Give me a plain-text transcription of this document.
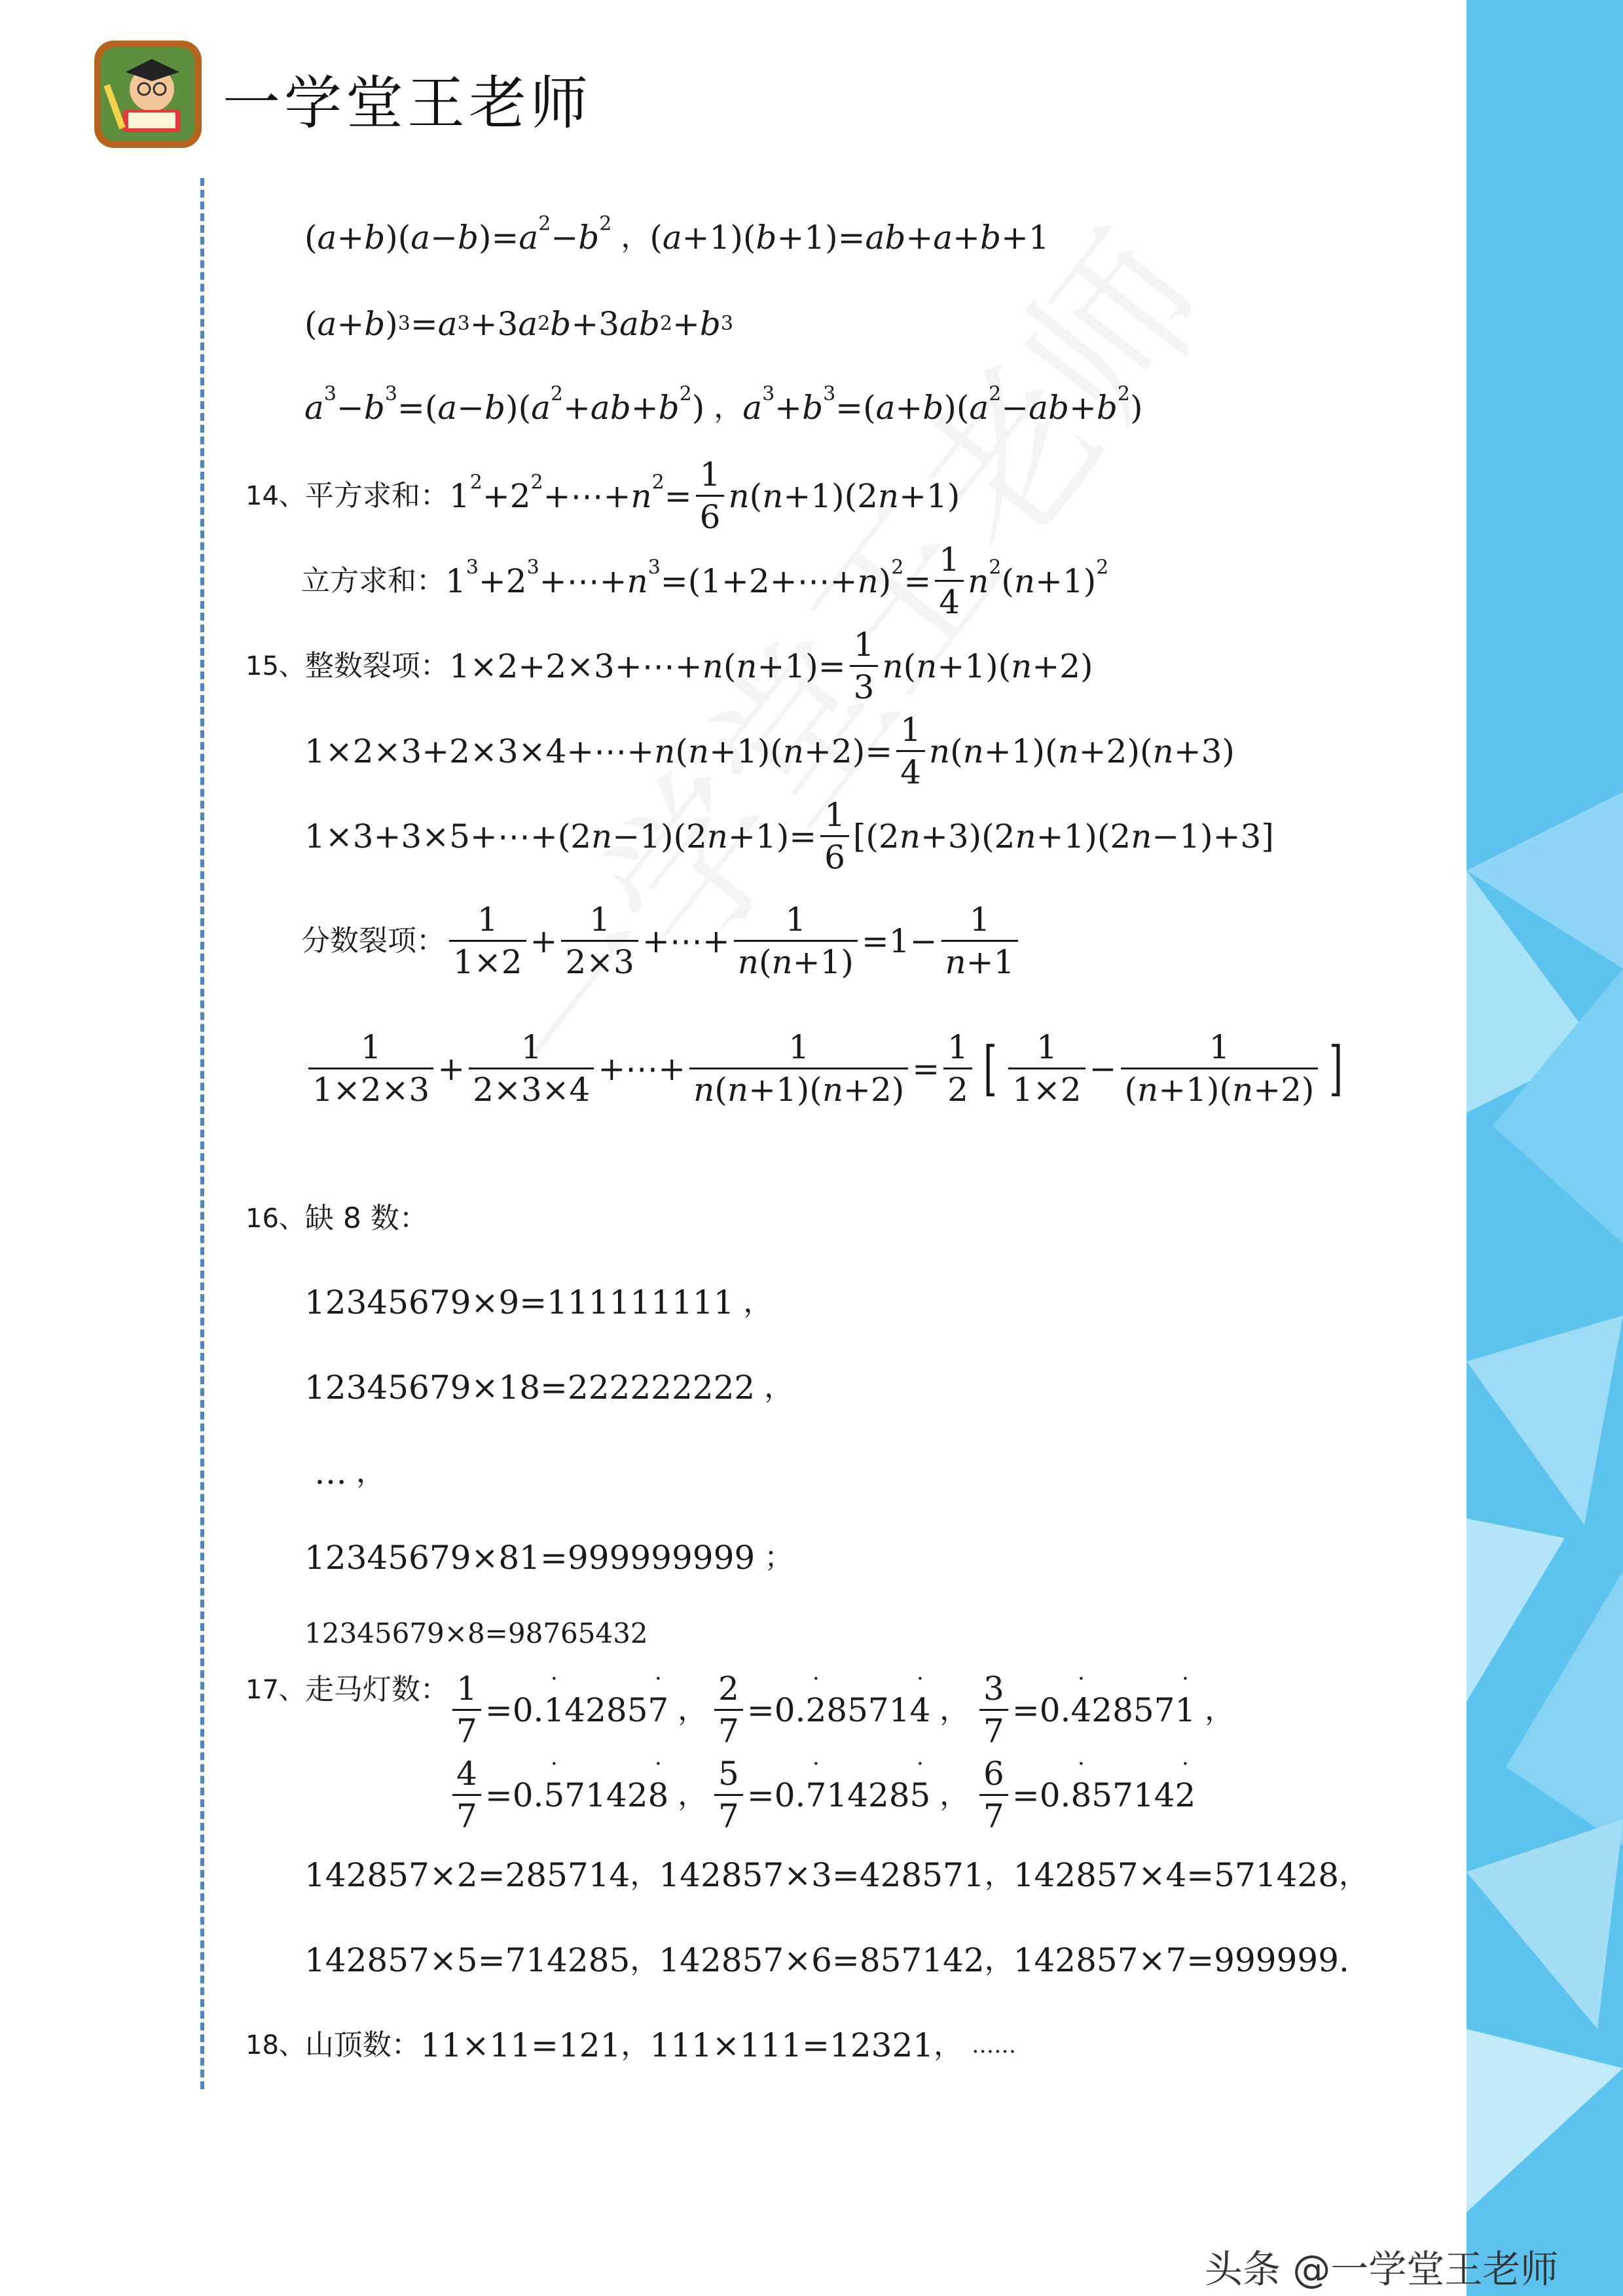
一学堂王老师
$(a+b)(a-b)=a^2-b^2$ ， (a+1)(b+1)=ab+a+b+1
( a + b ) 3 = a 3 +3 a 2 b +3 ab 2 + b 3
$a^3-b^3=(a-b)(a^2+ab+b^2)$ ， $a^3+b^3=(a+b)(a^2-ab+b^2)$
14、 平方求和： $1^2+2^2+\cdots+n^2= \frac{1}{6} n(n+1)(2n+1)$
立方求和： $1^3+2^3+\cdots+n^3=(1+2+\cdots+n)^2= \frac{1}{4} n^2(n+1)^2$
15、 整数裂项： 1×2+2×3+⋯+n(n+1)= $\frac{1}{3} n(n+1)(n+2)$
1×2×3+2×3×4+⋯+n(n+1)(n+2)= $\frac{1}{4} n(n+1)(n+2)(n+3)$
1×3+3×5+⋯+(2n−1)(2n+1)= $\frac{1}{6} [(2n+3)(2n+1)(2n-1)+3]$
分数裂项： $\frac{1}{1\times 2} + \frac{1}{2\times 3}$ +⋯+ $\frac{1}{n(n+1)} =1- \frac{1}{n+1}$
$\frac{1}{1\times 2\times 3} + \frac{1}{2\times 3\times 4}$ +⋯+ $\frac{1}{n(n+1)(n+2)} = \frac{1}{2}$ [ $\frac{1}{1\times 2} - \frac{1}{(n+1)(n+2)}$ ]
16、 缺 8 数：
12345679×9=111111111 ，
12345679×18=222222222 ，
… ，
12345679×81=999999999 ；
12345679×8=98765432
17、 走马灯数： $\frac{1}{7} = 0.\cdot 14285\cdot 7$ ， $\frac{2}{7} = 0.\cdot 28571\cdot 4$ ， $\frac{3}{7} = 0.\cdot 42857\cdot 1$ ，
$\frac{4}{7} = 0.\cdot 57142\cdot 8$ ， $\frac{5}{7} = 0.\cdot 71428\cdot 5$ ， $\frac{6}{7} = 0.\cdot 85714\cdot 2$
142857×2=285714 ， 142857×3=428571 ， 142857×4=571428 ，
142857×5=714285 ， 142857×6=857142 ， 142857×7=999999 .
18、 山顶数： 11×11=121 ， 111×111=12321 ， ……
头条 @一学堂王老师
